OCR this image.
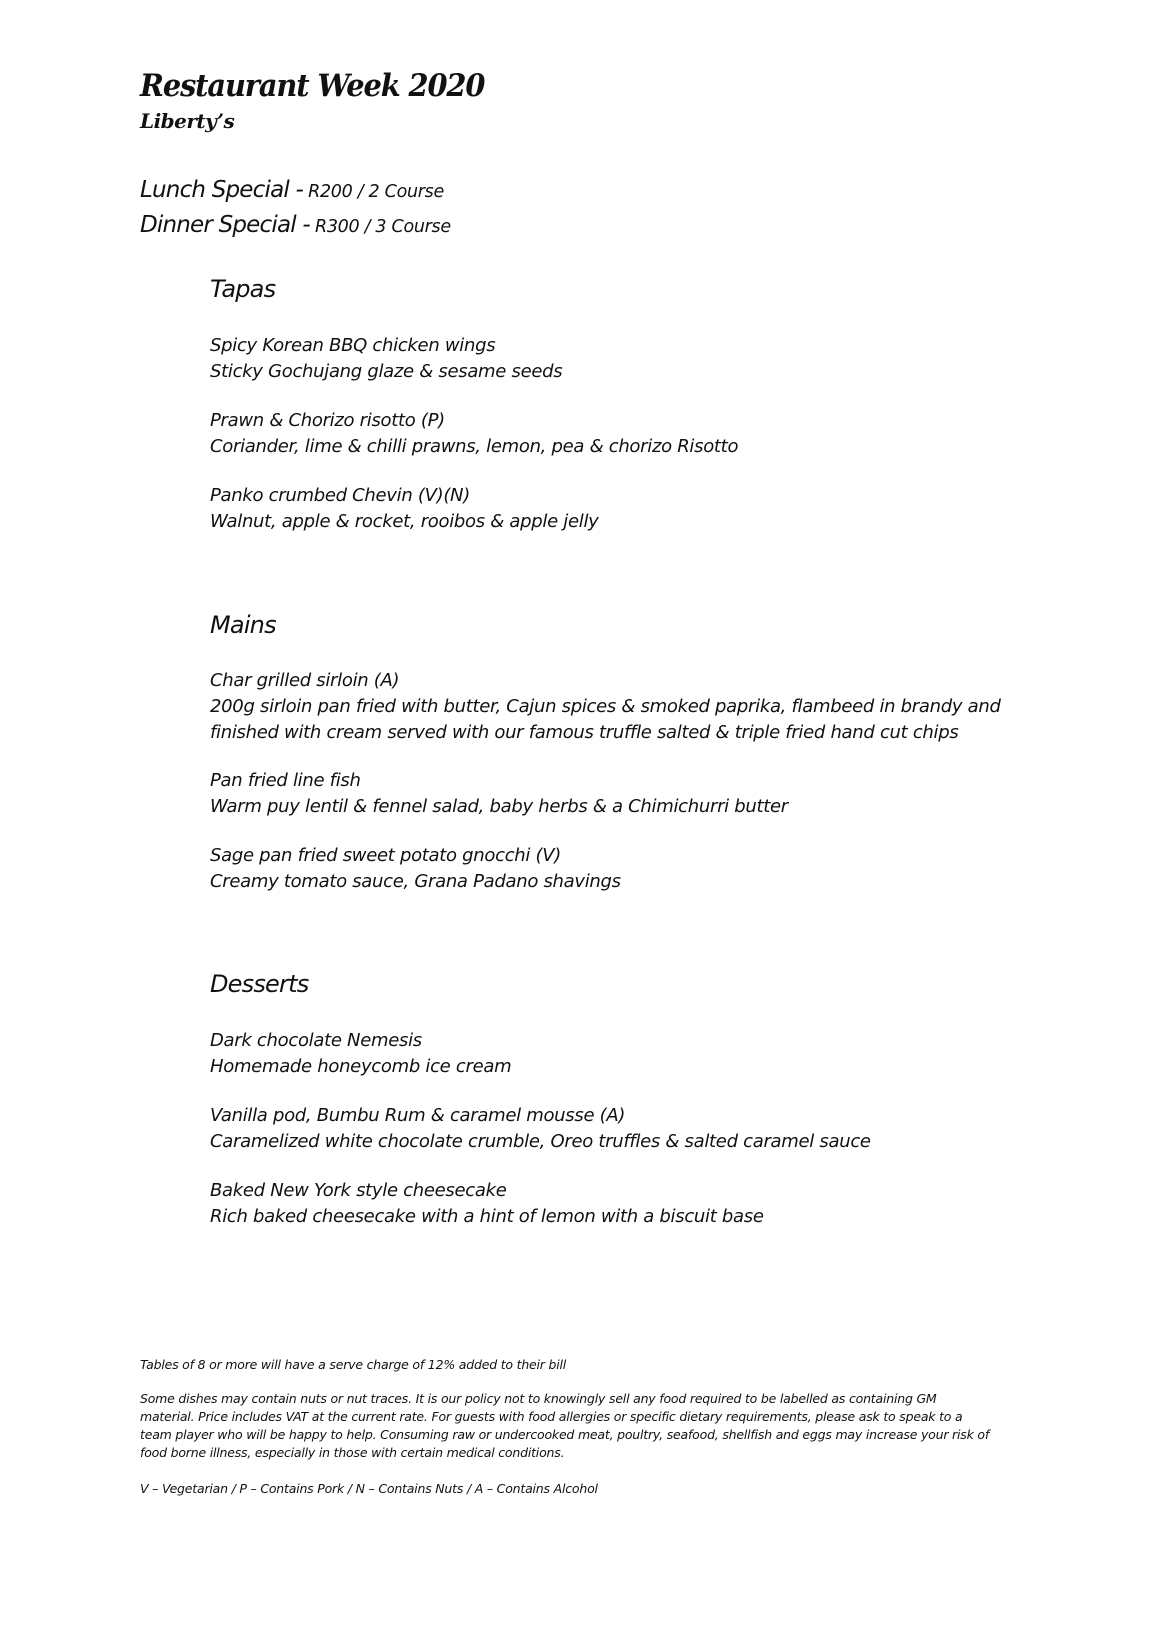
Restaurant Week 2020
Liberty’s

Lunch Special - R200 / 2 Course

Dinner Special - R300 / 3 Course

Tapas
Spicy Korean BBQ chicken wings
Sticky Gochujang glaze & sesame seeds
Prawn & Chorizo risotto (P)
Coriander, lime & chilli prawns, lemon, pea & chorizo Risotto
Panko crumbed Chevin (V)(N)
Walnut, apple & rocket, rooibos & apple jelly
Mains
Char grilled sirloin (A)
200g sirloin pan fried with butter, Cajun spices & smoked paprika, flambeed in brandy and
finished with cream served with our famous truffle salted & triple fried hand cut chips
Pan fried line fish
Warm puy lentil & fennel salad, baby herbs & a Chimichurri butter
Sage pan fried sweet potato gnocchi (V)
Creamy tomato sauce, Grana Padano shavings
Desserts
Dark chocolate Nemesis
Homemade honeycomb ice cream
Vanilla pod, Bumbu Rum & caramel mousse (A)
Caramelized white chocolate crumble, Oreo truffles & salted caramel sauce
Baked New York style cheesecake
Rich baked cheesecake with a hint of lemon with a biscuit base

Tables of 8 or more will have a serve charge of 12% added to their bill

Some dishes may contain nuts or nut traces. It is our policy not to knowingly sell any food required to be labelled as containing GM
material. Price includes VAT at the current rate. For guests with food allergies or specific dietary requirements, please ask to speak to a
team player who will be happy to help. Consuming raw or undercooked meat, poultry, seafood, shellfish and eggs may increase your risk of
food borne illness, especially in those with certain medical conditions.

V – Vegetarian / P – Contains Pork / N – Contains Nuts / A – Contains Alcohol
